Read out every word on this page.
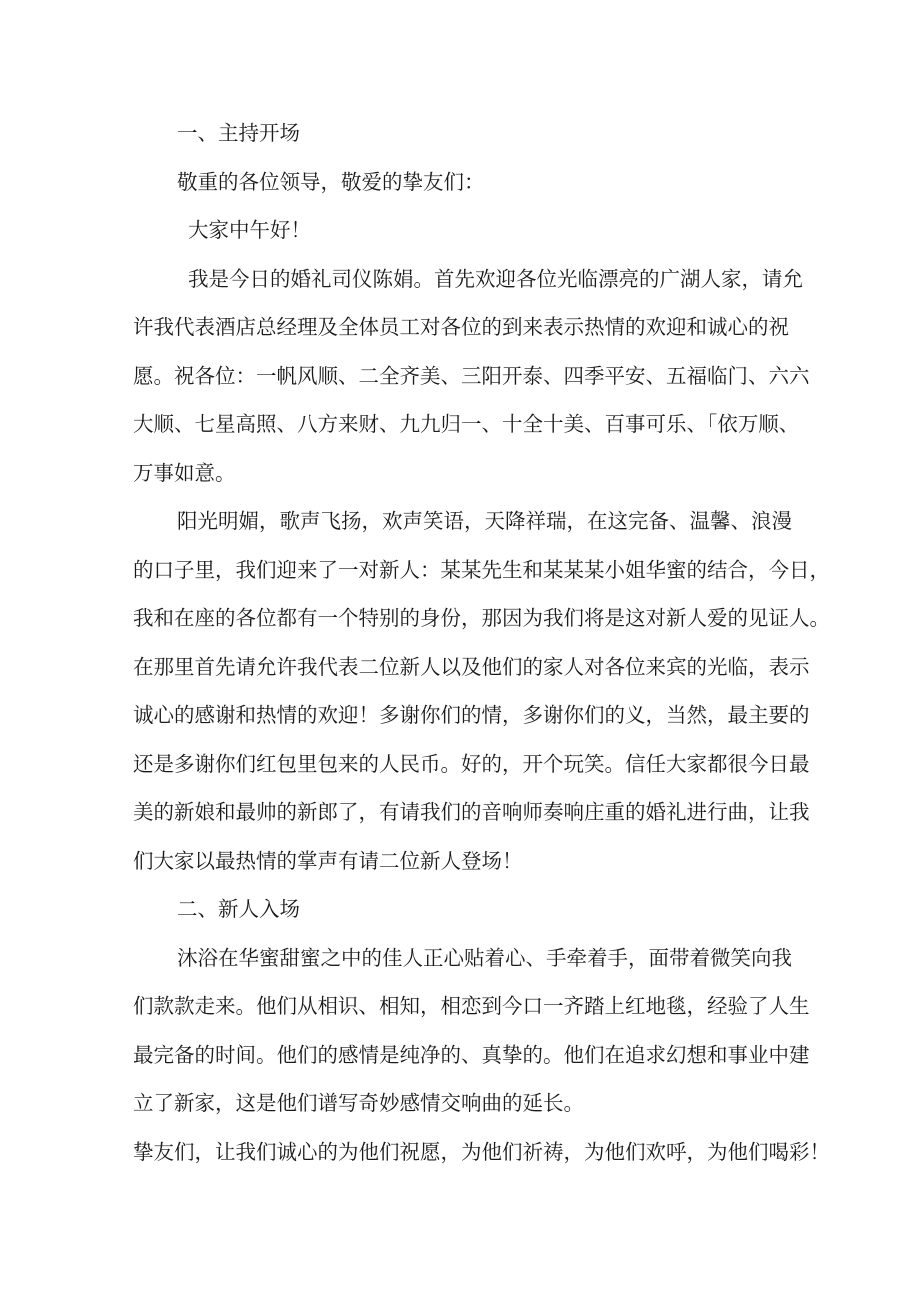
一、主持开场
敬重的各位领导，敬爱的挚友们：
大家中午好！
我是今日的婚礼司仪陈娟。首先欢迎各位光临漂亮的广湖人家，请允
许我代表酒店总经理及全体员工对各位的到来表示热情的欢迎和诚心的祝
愿。祝各位：一帆风顺、二全齐美、三阳开泰、四季平安、五福临门、六六
大顺、七星高照、八方来财、九九归一、十全十美、百事可乐、「依万顺、
万事如意。
阳光明媚，歌声飞扬，欢声笑语，天降祥瑞，在这完备、温馨、浪漫
的口子里，我们迎来了一对新人：某某先生和某某某小姐华蜜的结合，今日，
我和在座的各位都有一个特别的身份，那因为我们将是这对新人爱的见证人。
在那里首先请允许我代表二位新人以及他们的家人对各位来宾的光临，表示
诚心的感谢和热情的欢迎！多谢你们的情，多谢你们的义，当然，最主要的
还是多谢你们红包里包来的人民币。好的，开个玩笑。信任大家都很今日最
美的新娘和最帅的新郎了，有请我们的音响师奏响庄重的婚礼进行曲，让我
们大家以最热情的掌声有请二位新人登场！
二、新人入场
沐浴在华蜜甜蜜之中的佳人正心贴着心、手牵着手，面带着微笑向我
们款款走来。他们从相识、相知，相恋到今口一齐踏上红地毯，经验了人生
最完备的时间。他们的感情是纯净的、真挚的。他们在追求幻想和事业中建
立了新家，这是他们谱写奇妙感情交响曲的延长。
挚友们，让我们诚心的为他们祝愿，为他们祈祷，为他们欢呼，为他们喝彩！
